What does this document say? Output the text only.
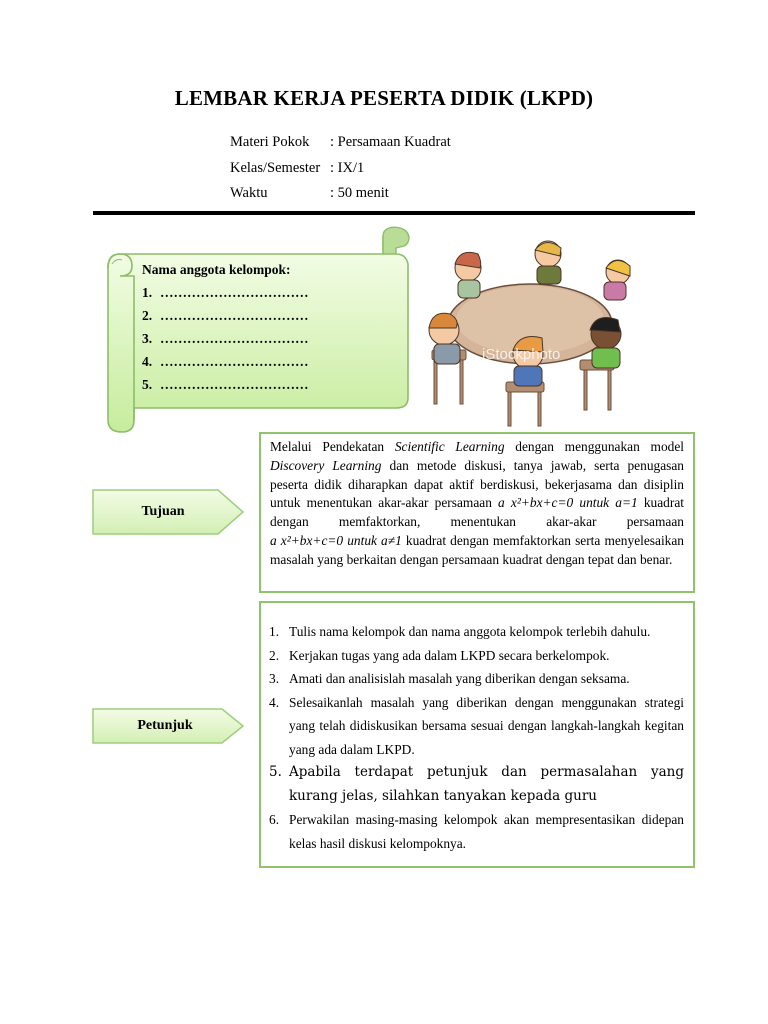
LEMBAR KERJA PESERTA DIDIK (LKPD)
Materi Pokok : Persamaan Kuadrat
Kelas/Semester : IX/1
Waktu	: 50 menit
Nama anggota kelompok:
1. ……………………………
2. ……………………………
3. ……………………………
4. ……………………………
5. ……………………………
iStockphoto
Tujuan
Melalui Pendekatan Scientific Learning dengan menggunakan model Discovery Learning dan metode diskusi, tanya jawab, serta penugasan peserta didik diharapkan dapat aktif berdiskusi, bekerjasama dan disiplin untuk menentukan akar-akar persamaan a x²+bx+c=0 untuk a=1 kuadrat dengan memfaktorkan, menentukan akar-akar persamaan a x²+bx+c=0 untuk a≠1 kuadrat dengan memfaktorkan serta menyelesaikan masalah yang berkaitan dengan persamaan kuadrat dengan tepat dan benar.
Petunjuk
1. Tulis nama kelompok dan nama anggota kelompok terlebih dahulu.
2. Kerjakan tugas yang ada dalam LKPD secara berkelompok.
3. Amati dan analisislah masalah yang diberikan dengan seksama.
4. Selesaikanlah masalah yang diberikan dengan menggunakan strategi yang telah didiskusikan bersama sesuai dengan langkah-langkah kegitan yang ada dalam LKPD.
5. Apabila terdapat petunjuk dan permasalahan yang kurang jelas, silahkan tanyakan kepada guru
6. Perwakilan masing-masing kelompok akan mempresentasikan didepan kelas hasil diskusi kelompoknya.
